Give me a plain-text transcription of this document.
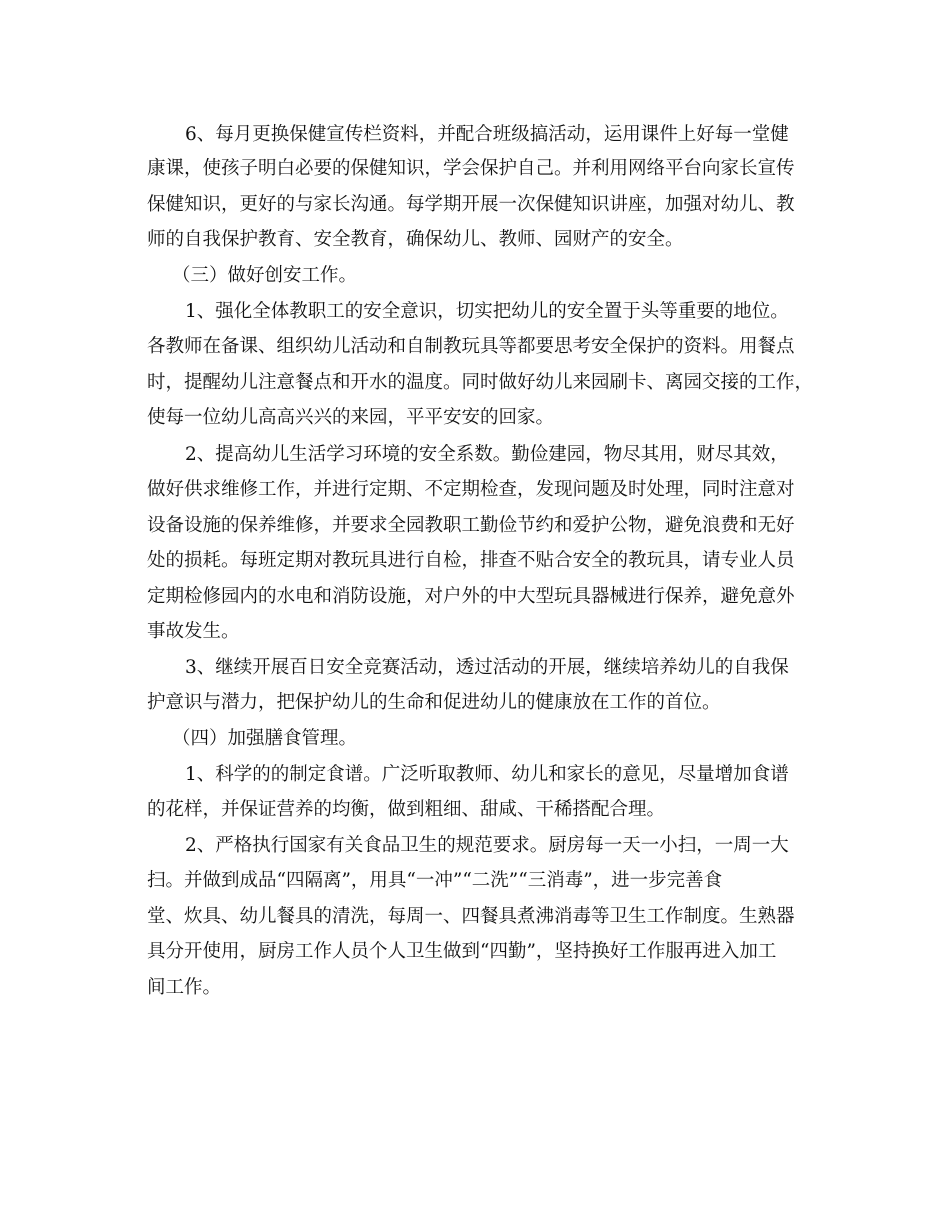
6、每月更换保健宣传栏资料，并配合班级搞活动，运用课件上好每一堂健
康课，使孩子明白必要的保健知识，学会保护自己。并利用网络平台向家长宣传
保健知识，更好的与家长沟通。每学期开展一次保健知识讲座，加强对幼儿、教
师的自我保护教育、安全教育，确保幼儿、教师、园财产的安全。
（三）做好创安工作。
1、强化全体教职工的安全意识，切实把幼儿的安全置于头等重要的地位。
各教师在备课、组织幼儿活动和自制教玩具等都要思考安全保护的资料。用餐点
时，提醒幼儿注意餐点和开水的温度。同时做好幼儿来园刷卡、离园交接的工作，
使每一位幼儿高高兴兴的来园，平平安安的回家。
2、提高幼儿生活学习环境的安全系数。勤俭建园，物尽其用，财尽其效，
做好供求维修工作，并进行定期、不定期检查，发现问题及时处理，同时注意对
设备设施的保养维修，并要求全园教职工勤俭节约和爱护公物，避免浪费和无好
处的损耗。每班定期对教玩具进行自检，排查不贴合安全的教玩具，请专业人员
定期检修园内的水电和消防设施，对户外的中大型玩具器械进行保养，避免意外
事故发生。
3、继续开展百日安全竞赛活动，透过活动的开展，继续培养幼儿的自我保
护意识与潜力，把保护幼儿的生命和促进幼儿的健康放在工作的首位。
（四）加强膳食管理。
1、科学的的制定食谱。广泛听取教师、幼儿和家长的意见，尽量增加食谱
的花样，并保证营养的均衡，做到粗细、甜咸、干稀搭配合理。
2、严格执行国家有关食品卫生的规范要求。厨房每一天一小扫，一周一大
扫。并做到成品“四隔离”，用具“一冲”“二洗”“三消毒”，进一步完善食
堂、炊具、幼儿餐具的清洗，每周一、四餐具煮沸消毒等卫生工作制度。生熟器
具分开使用，厨房工作人员个人卫生做到“四勤”，坚持换好工作服再进入加工
间工作。
